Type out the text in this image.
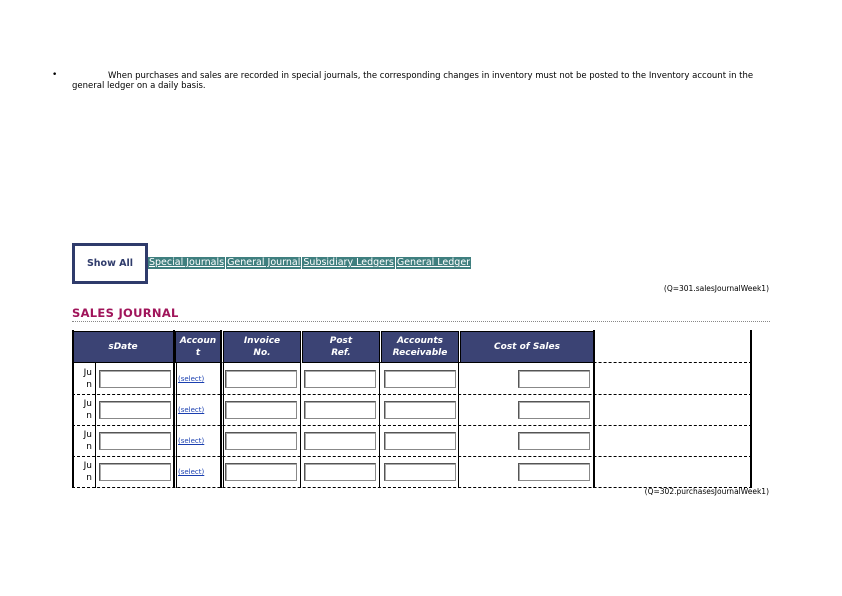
•	When purchases and sales are recorded in special journals, the corresponding changes in inventory must not be posted to the Inventory account in the general ledger on a daily basis.
Show All	Special Journals General Journal Subsidiary Ledgers General Ledger
(Q=301.salesJournalWeek1)
SALES JOURNAL
sDate
Accoun
t
Invoice
No.
Post
Ref.
Accounts
Receivable
Cost of Sales
Ju
n
(select)
Ju
n
(select)
Ju
n
(select)
Ju
n
(select)
(Q=302.purchasesJournalWeek1)
